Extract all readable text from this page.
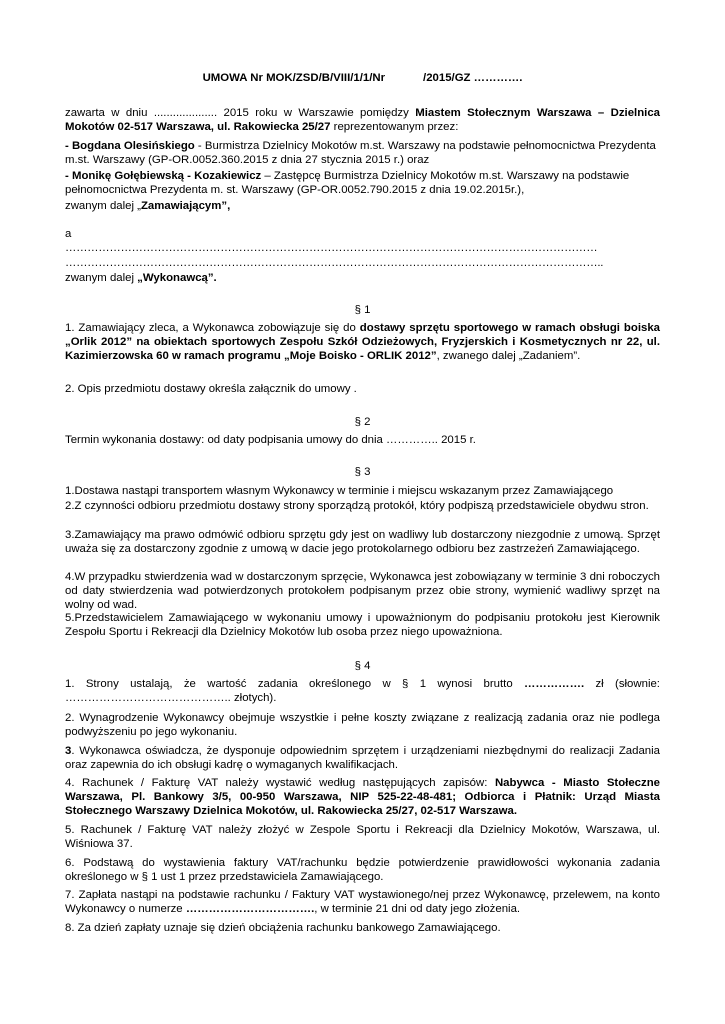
UMOWA Nr MOK/ZSD/B/VIII/1/1/Nr            /2015/GZ ………….
zawarta w dniu .................... 2015 roku w Warszawie pomiędzy Miastem Stołecznym Warszawa – Dzielnica Mokotów 02-517 Warszawa, ul. Rakowiecka 25/27 reprezentowanym przez:
- Bogdana Olesińskiego - Burmistrza Dzielnicy Mokotów m.st. Warszawy na podstawie pełnomocnictwa Prezydenta m.st. Warszawy (GP-OR.0052.360.2015 z dnia 27 stycznia 2015 r.) oraz
- Monikę Gołębiewską - Kozakiewicz – Zastępcę Burmistrza Dzielnicy Mokotów m.st. Warszawy na podstawie pełnomocnictwa Prezydenta m. st. Warszawy (GP-OR.0052.790.2015 z dnia 19.02.2015r.),
zwanym dalej „Zamawiającym”,
a
………………………………………………………………………………………………………………………………
………………………………………………………………………………………………………………………………..
zwanym dalej „Wykonawcą”.
§ 1
1. Zamawiający zleca, a Wykonawca zobowiązuje się do dostawy sprzętu sportowego w ramach obsługi boiska „Orlik 2012” na obiektach sportowych Zespołu Szkół Odzieżowych, Fryzjerskich i Kosmetycznych nr 22, ul. Kazimierzowska 60 w ramach programu „Moje Boisko - ORLIK 2012”, zwanego dalej „Zadaniem”.
2. Opis przedmiotu dostawy określa załącznik do umowy .
§ 2
Termin wykonania dostawy: od daty podpisania umowy do dnia ………….. 2015 r.
§ 3
1.Dostawa nastąpi transportem własnym Wykonawcy w terminie i miejscu wskazanym przez Zamawiającego
2.Z czynności odbioru przedmiotu dostawy strony sporządzą protokół, który podpiszą przedstawiciele obydwu stron.
3.Zamawiający ma prawo odmówić odbioru sprzętu gdy jest on wadliwy lub dostarczony niezgodnie z umową. Sprzęt uważa się za dostarczony zgodnie z umową w dacie jego protokolarnego odbioru bez zastrzeżeń Zamawiającego.
4.W przypadku stwierdzenia wad w dostarczonym sprzęcie, Wykonawca jest zobowiązany w terminie 3 dni roboczych od daty stwierdzenia wad potwierdzonych protokołem podpisanym przez obie strony, wymienić wadliwy sprzęt na wolny od wad.
5.Przedstawicielem Zamawiającego w wykonaniu umowy i upoważnionym do podpisaniu protokołu jest Kierownik Zespołu Sportu i Rekreacji dla Dzielnicy Mokotów lub osoba przez niego upoważniona.
§ 4
1. Strony ustalają, że wartość zadania określonego w § 1 wynosi brutto ……………. zł (słownie: …………………………………….. złotych).
2. Wynagrodzenie Wykonawcy obejmuje wszystkie i pełne koszty związane z realizacją zadania oraz nie podlega podwyższeniu po jego wykonaniu.
3. Wykonawca oświadcza, że dysponuje odpowiednim sprzętem i urządzeniami niezbędnymi do realizacji Zadania oraz zapewnia do ich obsługi kadrę o wymaganych kwalifikacjach.
4. Rachunek / Fakturę VAT należy wystawić według następujących zapisów: Nabywca - Miasto Stołeczne Warszawa, Pl. Bankowy 3/5, 00-950 Warszawa, NIP 525-22-48-481; Odbiorca i Płatnik: Urząd Miasta Stołecznego Warszawy Dzielnica Mokotów, ul. Rakowiecka 25/27, 02-517 Warszawa.
5. Rachunek / Fakturę VAT należy złożyć w Zespole Sportu i Rekreacji dla Dzielnicy Mokotów, Warszawa, ul. Wiśniowa 37.
6. Podstawą do wystawienia faktury VAT/rachunku będzie potwierdzenie prawidłowości wykonania zadania określonego w § 1 ust 1 przez przedstawiciela Zamawiającego.
7. Zapłata nastąpi na podstawie rachunku / Faktury VAT wystawionego/nej przez Wykonawcę, przelewem, na konto Wykonawcy o numerze ……………………………., w terminie 21 dni od daty jego złożenia.
8. Za dzień zapłaty uznaje się dzień obciążenia rachunku bankowego Zamawiającego.
